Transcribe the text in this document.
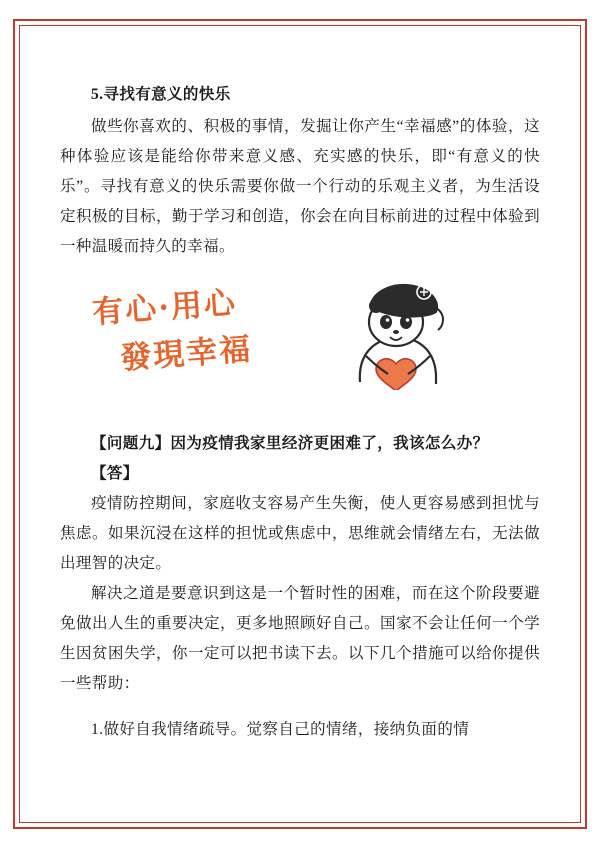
5.寻找有意义的快乐

做些你喜欢的、积极的事情，发掘让你产生“幸福感”的体验，这种体验应该是能给你带来意义感、充实感的快乐，即“有意义的快乐”。寻找有意义的快乐需要你做一个行动的乐观主义者，为生活设定积极的目标，勤于学习和创造，你会在向目标前进的过程中体验到一种温暖而持久的幸福。

有心·用心
發現幸福

【问题九】因为疫情我家里经济更困难了，我该怎么办？

【答】

疫情防控期间，家庭收支容易产生失衡，使人更容易感到担忧与焦虑。如果沉浸在这样的担忧或焦虑中，思维就会情绪左右，无法做出理智的决定。

解决之道是要意识到这是一个暂时性的困难，而在这个阶段要避免做出人生的重要决定，更多地照顾好自己。国家不会让任何一个学生因贫困失学，你一定可以把书读下去。以下几个措施可以给你提供一些帮助：

1.做好自我情绪疏导。觉察自己的情绪，接纳负面的情
